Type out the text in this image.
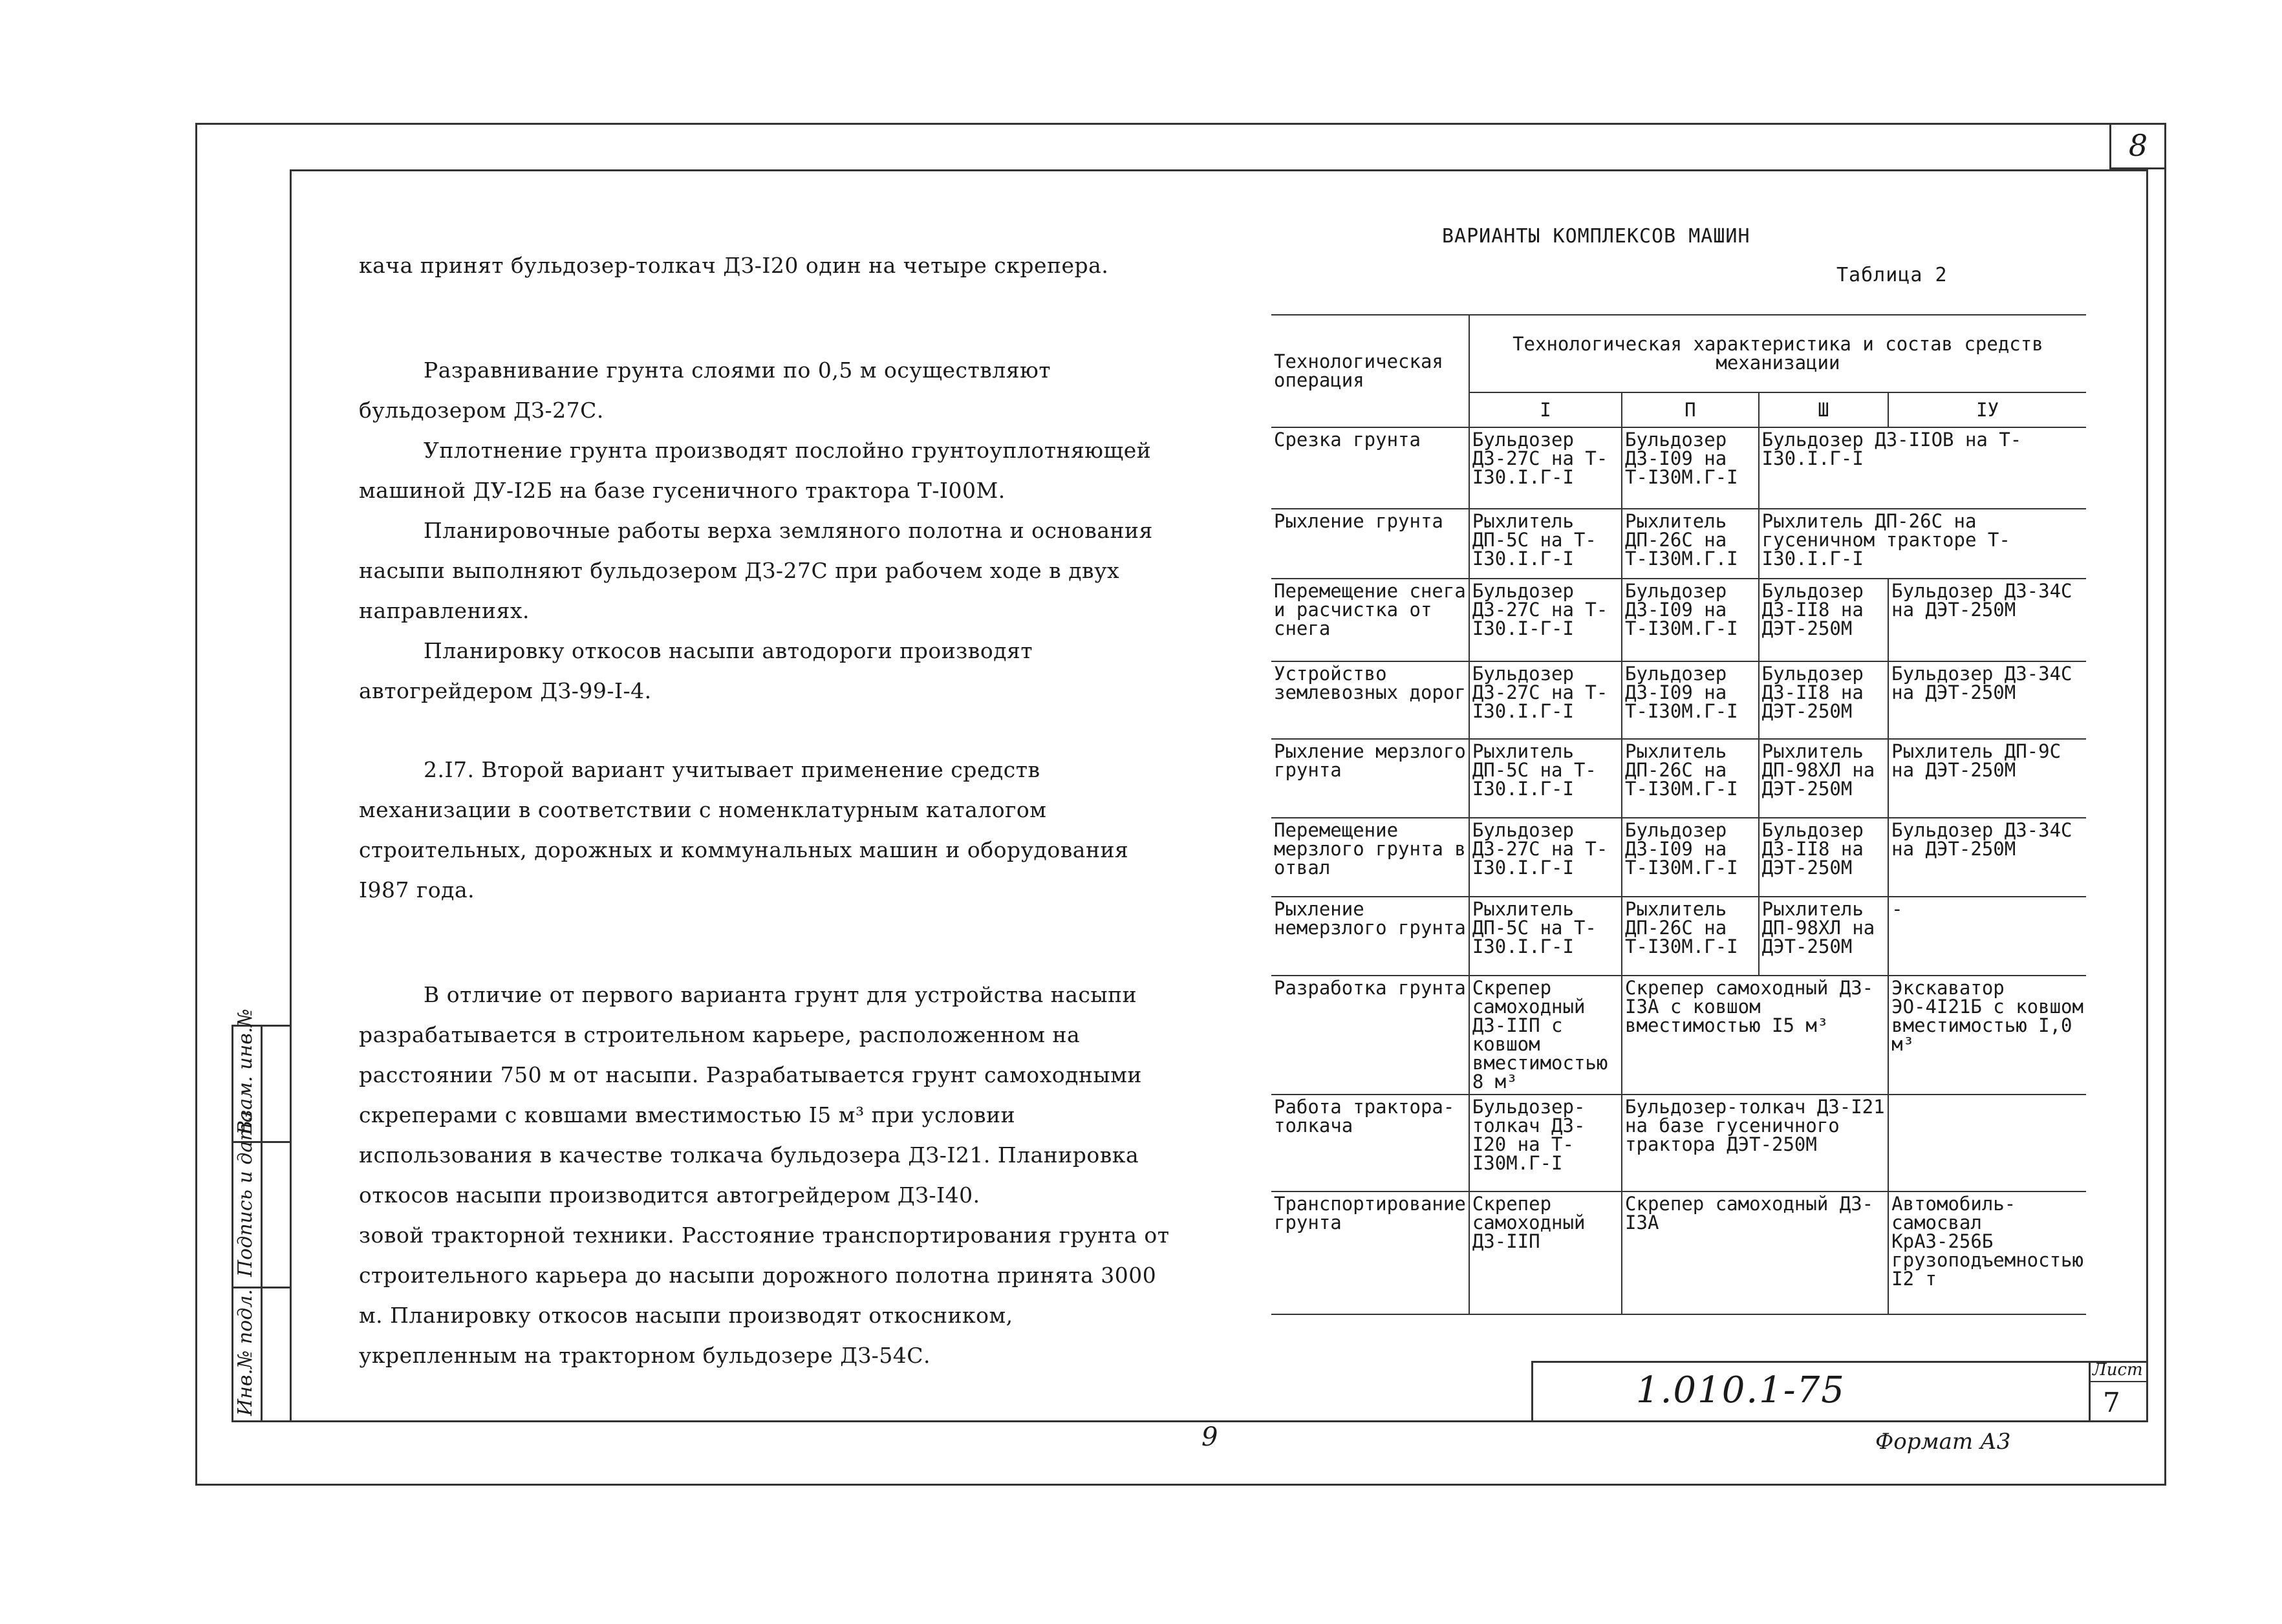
8

кача принят бульдозер-толкач ДЗ-I20 один на четыре скрепера.

Разравнивание грунта слоями по 0,5 м осуществляют бульдозером ДЗ-27С.

Уплотнение грунта производят послойно грунтоуплотняющей машиной ДУ-I2Б на базе гусеничного трактора Т-I00М.

Планировочные работы верха земляного полотна и основания насыпи выполняют бульдозером ДЗ-27С при рабочем ходе в двух направлениях.

Планировку откосов насыпи автодороги производят автогрейдером ДЗ-99-I-4.

2.I7. Второй вариант учитывает применение средств механизации в соответствии с номенклатурным каталогом строительных, дорожных и коммунальных машин и оборудования I987 года.

В отличие от первого варианта грунт для устройства насыпи разрабатывается в строительном карьере, расположенном на расстоянии 750 м от насыпи. Разрабатывается грунт самоходными скреперами с ковшами вместимостью I5 м³ при условии использования в качестве толкача бульдозера ДЗ-I21. Планировка откосов насыпи производится автогрейдером ДЗ-I40.

зовой тракторной техники. Расстояние транспортирования грунта от строительного карьера до насыпи дорожного полотна принята 3000 м. Планировку откосов насыпи производят откосником, укрепленным на тракторном бульдозере ДЗ-54С.

ВАРИАНТЫ КОМПЛЕКСОВ МАШИН
Таблица 2
Технологическая операция	Технологическая характеристика и состав средств механизации			
	I	П	Ш	IУ
Срезка грунта	Бульдозер ДЗ-27С на Т-I30.I.Г-I	Бульдозер ДЗ-I09 на Т-I30М.Г-I	Бульдозер ДЗ-IIОВ на Т-I30.I.Г-I	
Рыхление грунта	Рыхлитель ДП-5С на Т-I30.I.Г-I	Рыхлитель ДП-26С на Т-I30М.Г.I	Рыхлитель ДП-26С на гусеничном тракторе Т-I30.I.Г-I	
Перемещение снега и расчистка от снега	Бульдозер ДЗ-27С на Т-I30.I-Г-I	Бульдозер ДЗ-I09 на Т-I30М.Г-I	Бульдозер ДЗ-II8 на ДЭТ-250М	Бульдозер ДЗ-34С на ДЭТ-250М
Устройство землевозных дорог	Бульдозер ДЗ-27С на Т-I30.I.Г-I	Бульдозер ДЗ-I09 на Т-I30М.Г-I	Бульдозер ДЗ-II8 на ДЭТ-250М	Бульдозер ДЗ-34С на ДЭТ-250М
Рыхление мерзлого грунта	Рыхлитель ДП-5С на Т-I30.I.Г-I	Рыхлитель ДП-26С на Т-I30М.Г-I	Рыхлитель ДП-98ХЛ на ДЭТ-250М	Рыхлитель ДП-9С на ДЭТ-250М
Перемещение мерзлого грунта в отвал	Бульдозер ДЗ-27С на Т-I30.I.Г-I	Бульдозер ДЗ-I09 на Т-I30М.Г-I	Бульдозер ДЗ-II8 на ДЭТ-250М	Бульдозер ДЗ-34С на ДЭТ-250М
Рыхление немерзлого грунта	Рыхлитель ДП-5С на Т-I30.I.Г-I	Рыхлитель ДП-26С на Т-I30М.Г-I	Рыхлитель ДП-98ХЛ на ДЭТ-250М	-
Разработка грунта	Скрепер самоходный ДЗ-IIП с ковшом вместимостью 8 м³	Скрепер самоходный ДЗ-I3А с ковшом вместимостью I5 м³		Экскаватор ЭО-4I21Б с ковшом вместимостью I,0 м³
Работа трактора-толкача	Бульдозер-толкач ДЗ-I20 на Т-I30М.Г-I	Бульдозер-толкач ДЗ-I21 на базе гусеничного трактора ДЭТ-250М		
Транспортирование грунта	Скрепер самоходный ДЗ-IIП	Скрепер самоходный ДЗ-I3А		Автомобиль-самосвал КрАЗ-256Б грузоподъемностью I2 т
1.010.1-75	Лист
7
9	Формат А3
Инв.№ подл.
Подпись и дата
Взам. инв.№
